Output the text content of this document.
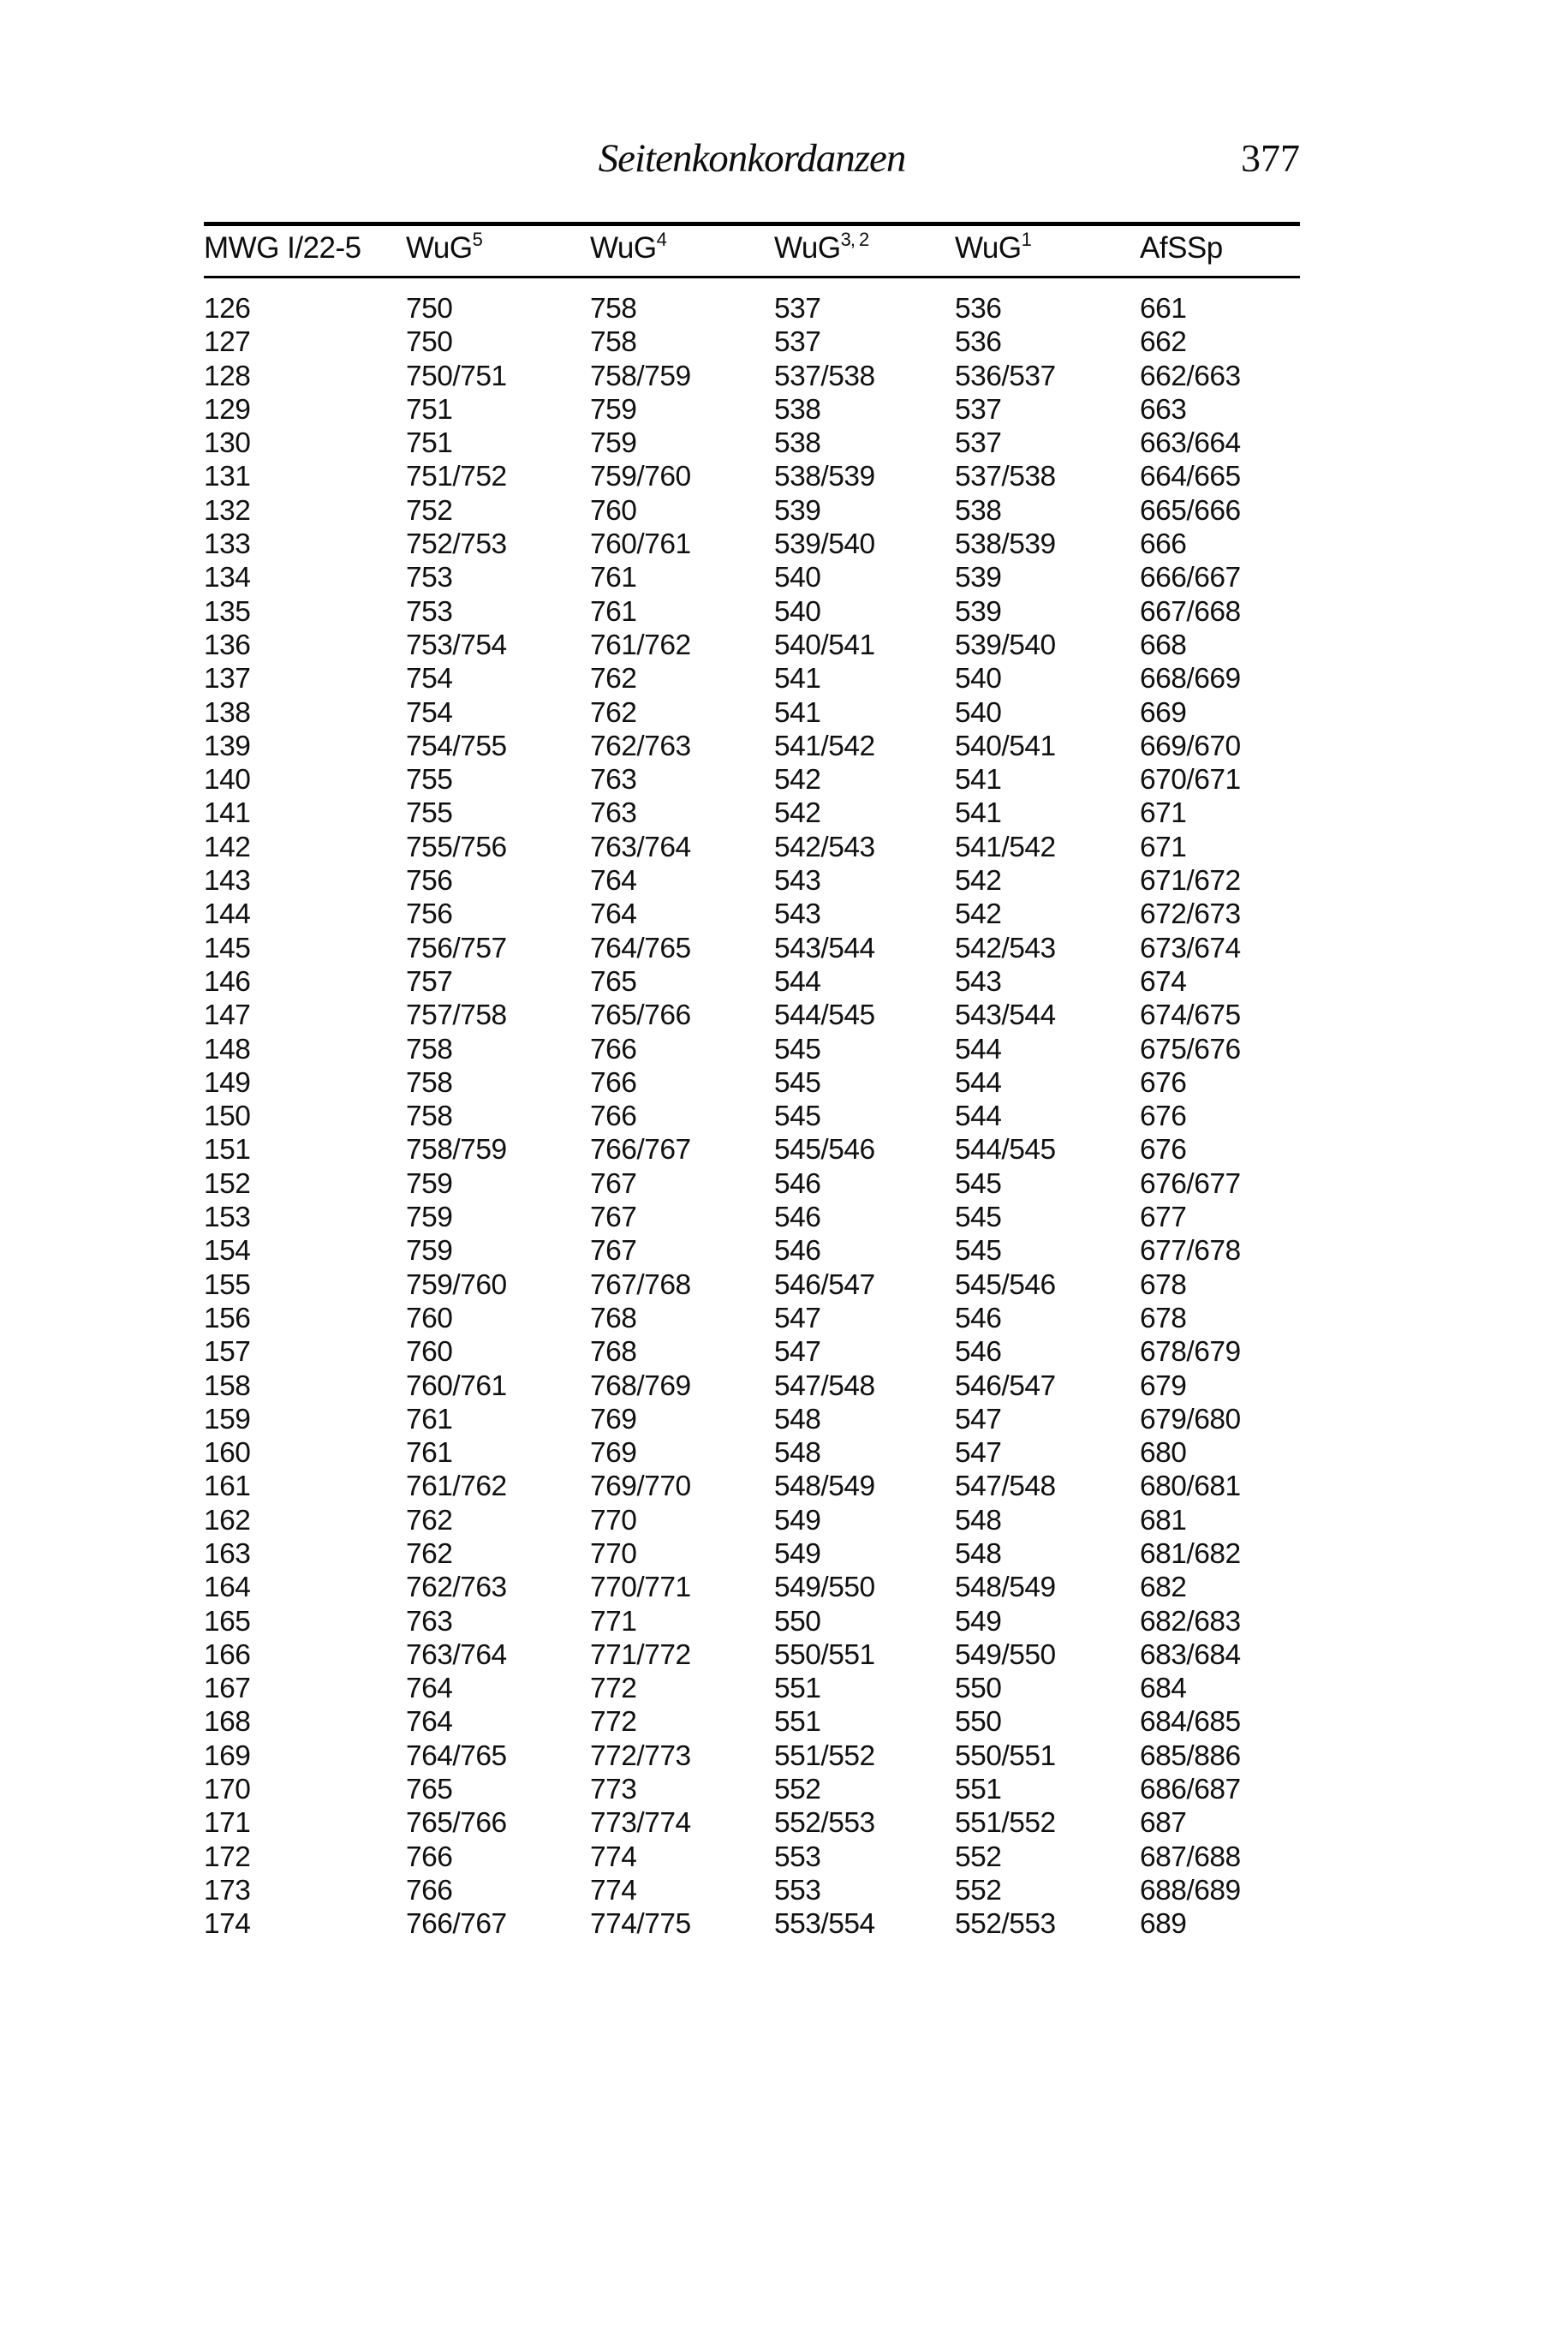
Seitenkonkordanzen	377
MWG I/22-5	WuG$^5$	WuG$^4$	WuG$^{3, 2}$	WuG$^1$	AfSSp
126	750	758	537	536	661
127	750	758	537	536	662
128	750/751	758/759	537/538	536/537	662/663
129	751	759	538	537	663
130	751	759	538	537	663/664
131	751/752	759/760	538/539	537/538	664/665
132	752	760	539	538	665/666
133	752/753	760/761	539/540	538/539	666
134	753	761	540	539	666/667
135	753	761	540	539	667/668
136	753/754	761/762	540/541	539/540	668
137	754	762	541	540	668/669
138	754	762	541	540	669
139	754/755	762/763	541/542	540/541	669/670
140	755	763	542	541	670/671
141	755	763	542	541	671
142	755/756	763/764	542/543	541/542	671
143	756	764	543	542	671/672
144	756	764	543	542	672/673
145	756/757	764/765	543/544	542/543	673/674
146	757	765	544	543	674
147	757/758	765/766	544/545	543/544	674/675
148	758	766	545	544	675/676
149	758	766	545	544	676
150	758	766	545	544	676
151	758/759	766/767	545/546	544/545	676
152	759	767	546	545	676/677
153	759	767	546	545	677
154	759	767	546	545	677/678
155	759/760	767/768	546/547	545/546	678
156	760	768	547	546	678
157	760	768	547	546	678/679
158	760/761	768/769	547/548	546/547	679
159	761	769	548	547	679/680
160	761	769	548	547	680
161	761/762	769/770	548/549	547/548	680/681
162	762	770	549	548	681
163	762	770	549	548	681/682
164	762/763	770/771	549/550	548/549	682
165	763	771	550	549	682/683
166	763/764	771/772	550/551	549/550	683/684
167	764	772	551	550	684
168	764	772	551	550	684/685
169	764/765	772/773	551/552	550/551	685/886
170	765	773	552	551	686/687
171	765/766	773/774	552/553	551/552	687
172	766	774	553	552	687/688
173	766	774	553	552	688/689
174	766/767	774/775	553/554	552/553	689
